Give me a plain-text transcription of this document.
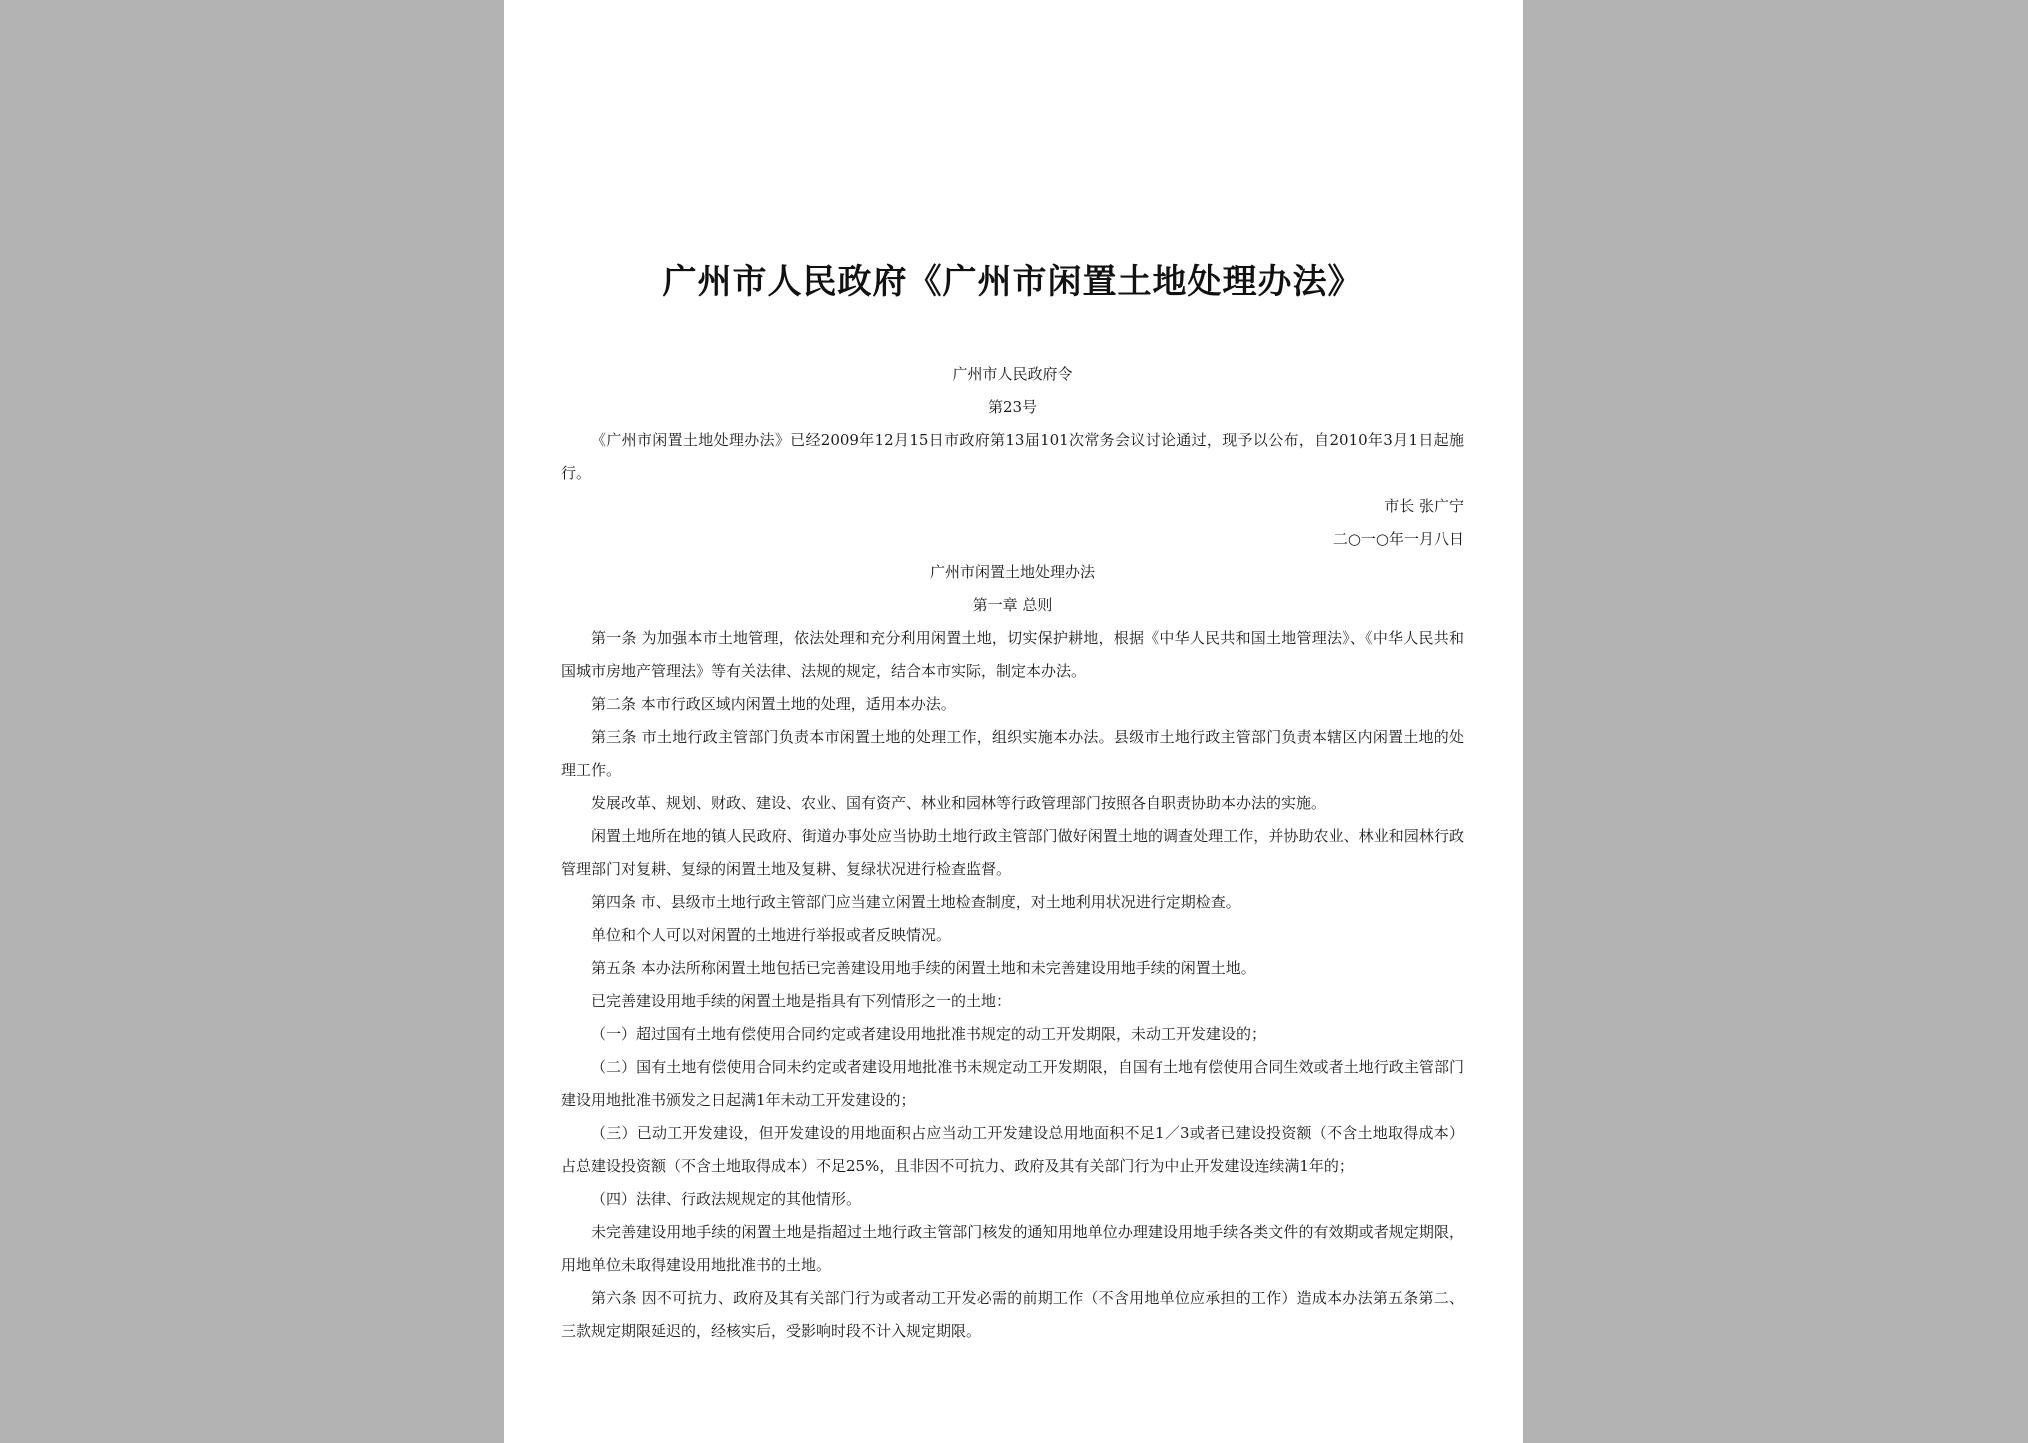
广州市人民政府《广州市闲置土地处理办法》

广州市人民政府令

第23号

《广州市闲置土地处理办法》已经2009年12月15日市政府第13届101次常务会议讨论通过，现予以公布，自2010年3月1日起施行。

市长 张广宁

二○一○年一月八日

广州市闲置土地处理办法

第一章 总则

第一条 为加强本市土地管理，依法处理和充分利用闲置土地，切实保护耕地，根据《中华人民共和国土地管理法》、《中华人民共和国城市房地产管理法》等有关法律、法规的规定，结合本市实际，制定本办法。

第二条 本市行政区域内闲置土地的处理，适用本办法。

第三条 市土地行政主管部门负责本市闲置土地的处理工作，组织实施本办法。县级市土地行政主管部门负责本辖区内闲置土地的处理工作。

发展改革、规划、财政、建设、农业、国有资产、林业和园林等行政管理部门按照各自职责协助本办法的实施。

闲置土地所在地的镇人民政府、街道办事处应当协助土地行政主管部门做好闲置土地的调查处理工作，并协助农业、林业和园林行政管理部门对复耕、复绿的闲置土地及复耕、复绿状况进行检查监督。

第四条 市、县级市土地行政主管部门应当建立闲置土地检查制度，对土地利用状况进行定期检查。

单位和个人可以对闲置的土地进行举报或者反映情况。

第五条 本办法所称闲置土地包括已完善建设用地手续的闲置土地和未完善建设用地手续的闲置土地。

已完善建设用地手续的闲置土地是指具有下列情形之一的土地：

（一）超过国有土地有偿使用合同约定或者建设用地批准书规定的动工开发期限，未动工开发建设的；

（二）国有土地有偿使用合同未约定或者建设用地批准书未规定动工开发期限，自国有土地有偿使用合同生效或者土地行政主管部门建设用地批准书颁发之日起满1年未动工开发建设的；

（三）已动工开发建设，但开发建设的用地面积占应当动工开发建设总用地面积不足1／3或者已建设投资额（不含土地取得成本）占总建设投资额（不含土地取得成本）不足25%，且非因不可抗力、政府及其有关部门行为中止开发建设连续满1年的；

（四）法律、行政法规规定的其他情形。

未完善建设用地手续的闲置土地是指超过土地行政主管部门核发的通知用地单位办理建设用地手续各类文件的有效期或者规定期限，用地单位未取得建设用地批准书的土地。

第六条 因不可抗力、政府及其有关部门行为或者动工开发必需的前期工作（不含用地单位应承担的工作）造成本办法第五条第二、三款规定期限延迟的，经核实后，受影响时段不计入规定期限。
